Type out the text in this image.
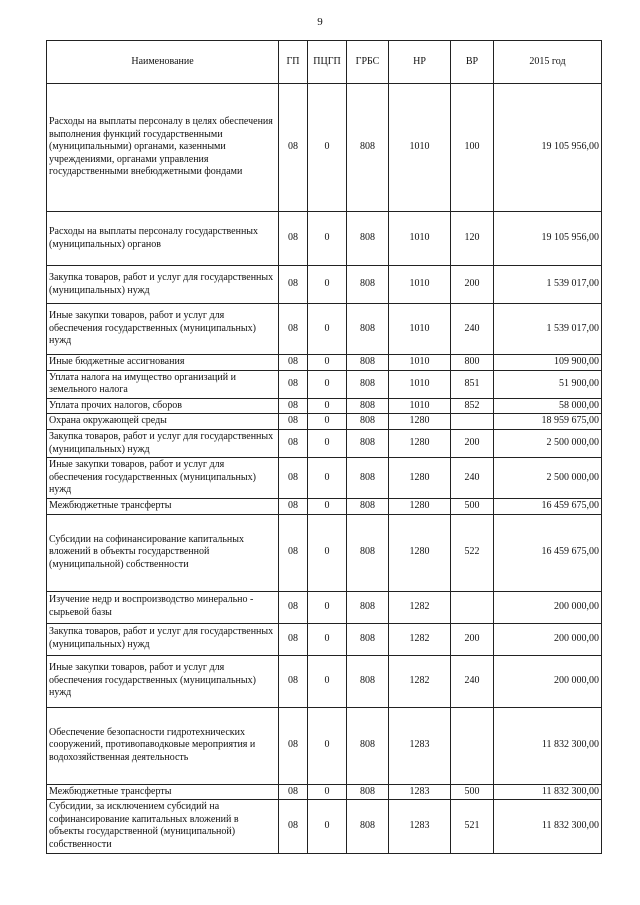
9
Наименование	ГП	ПЦГП	ГРБС	НР	ВР	2015 год
Расходы на выплаты персоналу в целях обеспечения выполнения функций государственными (муниципальными) органами, казенными учреждениями, органами управления государственными внебюджетными фондами	08	0	808	1010	100	19 105 956,00
Расходы на выплаты персоналу государственных (муниципальных) органов	08	0	808	1010	120	19 105 956,00
Закупка товаров, работ и услуг для государственных (муниципальных) нужд	08	0	808	1010	200	1 539 017,00
Иные закупки товаров, работ и услуг для обеспечения государственных (муниципальных) нужд	08	0	808	1010	240	1 539 017,00
Иные бюджетные ассигнования	08	0	808	1010	800	109 900,00
Уплата налога на имущество организаций и земельного налога	08	0	808	1010	851	51 900,00
Уплата прочих налогов, сборов	08	0	808	1010	852	58 000,00
Охрана окружающей среды	08	0	808	1280		18 959 675,00
Закупка товаров, работ и услуг для государственных (муниципальных) нужд	08	0	808	1280	200	2 500 000,00
Иные закупки товаров, работ и услуг для обеспечения государственных (муниципальных) нужд	08	0	808	1280	240	2 500 000,00
Межбюджетные трансферты	08	0	808	1280	500	16 459 675,00
Субсидии на софинансирование капитальных вложений в объекты государственной (муниципальной) собственности	08	0	808	1280	522	16 459 675,00
Изучение недр и воспроизводство минерально - сырьевой базы	08	0	808	1282		200 000,00
Закупка товаров, работ и услуг для государственных (муниципальных) нужд	08	0	808	1282	200	200 000,00
Иные закупки товаров, работ и услуг для обеспечения государственных (муниципальных) нужд	08	0	808	1282	240	200 000,00
Обеспечение безопасности гидротехнических сооружений, противопаводковые мероприятия и водохозяйственная деятельность	08	0	808	1283		11 832 300,00
Межбюджетные трансферты	08	0	808	1283	500	11 832 300,00
Субсидии, за исключением субсидий на софинансирование капитальных вложений в объекты государственной (муниципальной) собственности	08	0	808	1283	521	11 832 300,00
